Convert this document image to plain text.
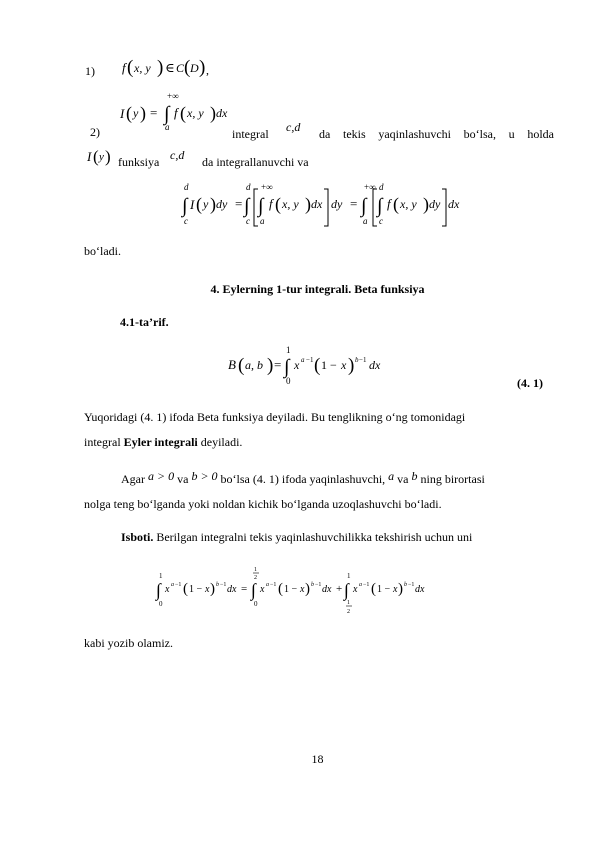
1) f ( x, y ) ∈ C ( D ) ,
2)
I ( y ) = ∫
+∞
a
f ( x, y ) dx
integral c,d da tekis yaqinlashuvchi bo‘lsa, u holda
I ( y ) funksiya c,d da integrallanuvchi va
∫
d
c
I ( y ) dy = ∫
d
c
∫
+∞
a
f ( x, y ) dx dy = ∫
+∞
a
∫
d
c
f ( x, y ) dy dx
bo‘ladi.
4. Eylerning 1-tur integrali. Beta funksiya
4.1-ta’rif.
B ( a, b ) = ∫
1
0
x a −1 ( 1 − x ) b −1 dx
(4. 1)
Yuqoridagi (4. 1) ifoda Beta funksiya deyiladi. Bu tenglikning o‘ng tomonidagi
integral Eyler integrali deyiladi.
Agar a > 0 va b > 0 bo‘lsa (4. 1) ifoda yaqinlashuvchi, a va b ning birortasi
nolga teng bo‘lganda yoki noldan kichik bo‘lganda uzoqlashuvchi bo‘ladi.
Isboti. Berilgan integralni tekis yaqinlashuvchilikka tekshirish uchun uni
∫
1
0
x a −1 ( 1 − x ) b −1 dx = ∫
1
2
0
x a −1 ( 1 − x ) b −1 dx + ∫
1
1
2
x a −1 ( 1 − x ) b −1 dx
kabi yozib olamiz.
18
